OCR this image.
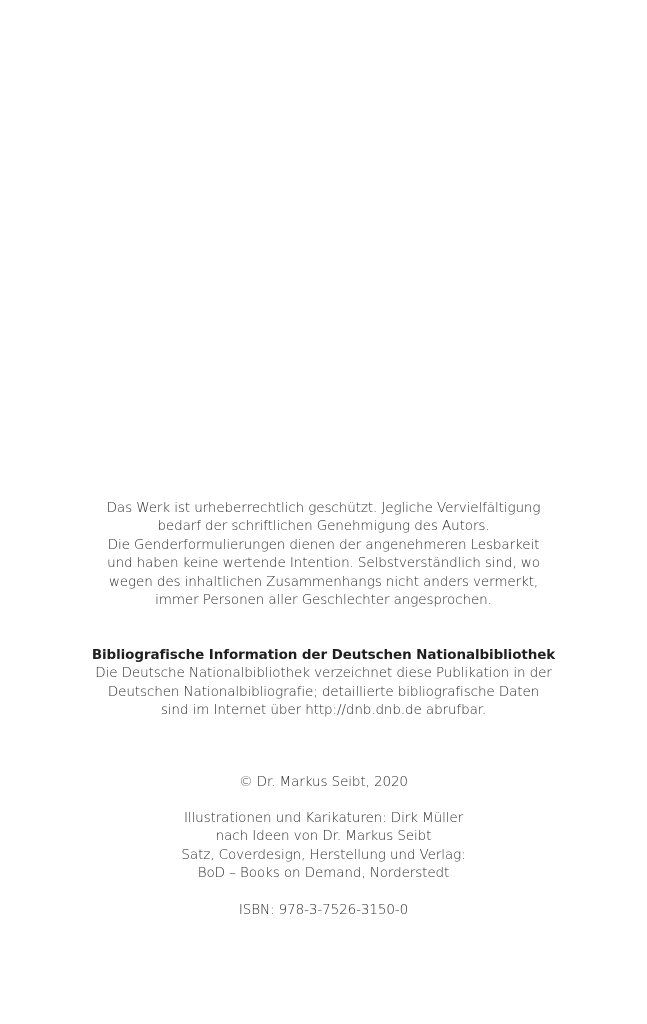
Das Werk ist urheberrechtlich geschützt. Jegliche Vervielfältigung
bedarf der schriftlichen Genehmigung des Autors.
Die Genderformulierungen dienen der angenehmeren Lesbarkeit
und haben keine wertende Intention. Selbstverständlich sind, wo
wegen des inhaltlichen Zusammenhangs nicht anders vermerkt,
immer Personen aller Geschlechter angesprochen.
Bibliografische Information der Deutschen Nationalbibliothek
Die Deutsche Nationalbibliothek verzeichnet diese Publikation in der
Deutschen Nationalbibliografie; detaillierte bibliografische Daten
sind im Internet über http://dnb.dnb.de abrufbar.
© Dr. Markus Seibt, 2020
Illustrationen und Karikaturen: Dirk Müller
nach Ideen von Dr. Markus Seibt
Satz, Coverdesign, Herstellung und Verlag:
BoD – Books on Demand, Norderstedt
ISBN: 978-3-7526-3150-0
